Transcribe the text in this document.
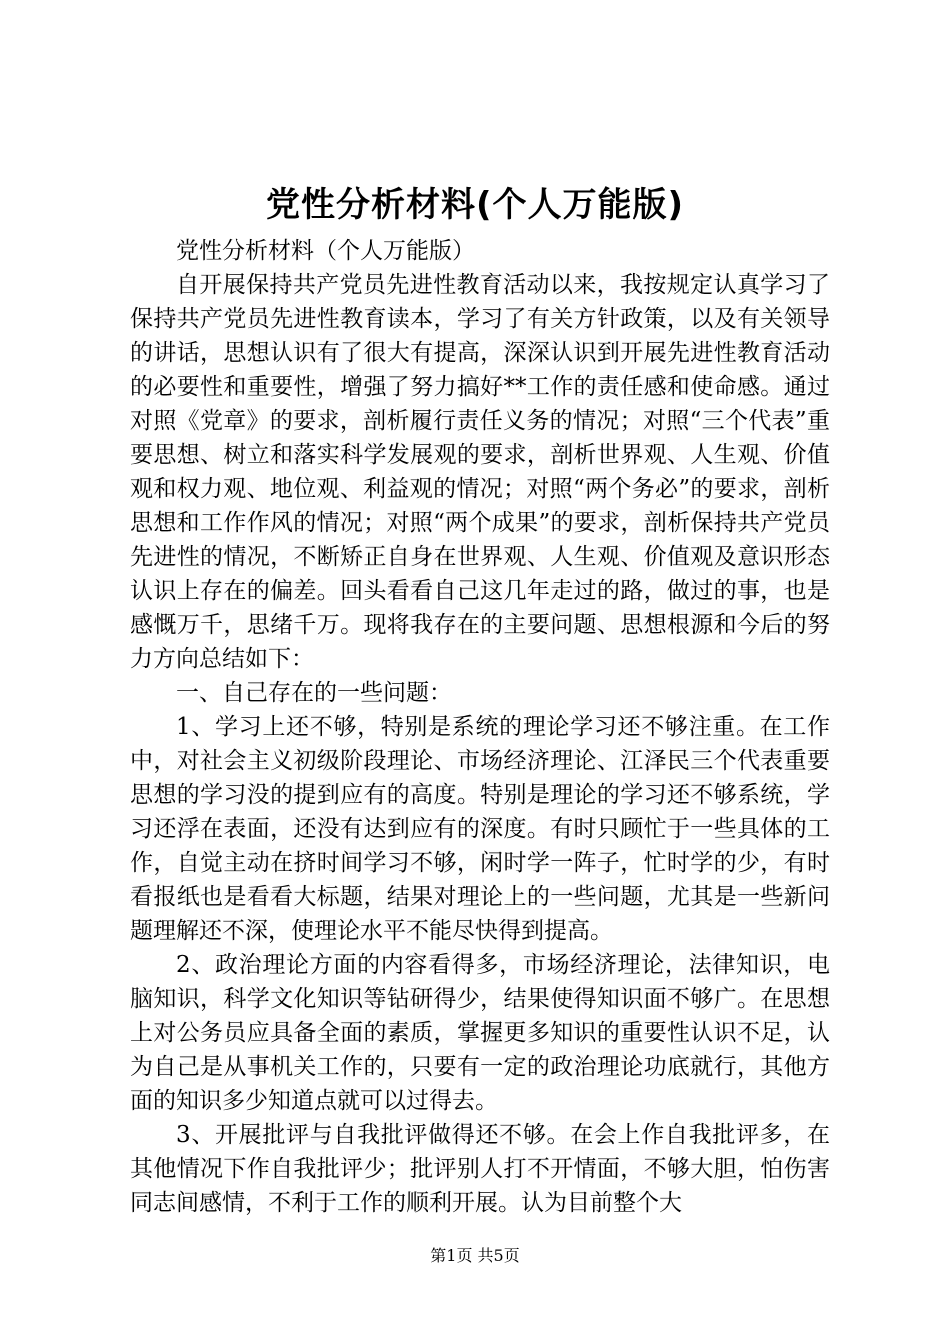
党性分析材料(个人万能版)

党性分析材料（个人万能版）

自开展保持共产党员先进性教育活动以来，我按规定认真学习了保持共产党员先进性教育读本，学习了有关方针政策，以及有关领导的讲话，思想认识有了很大有提高，深深认识到开展先进性教育活动的必要性和重要性，增强了努力搞好**工作的责任感和使命感。通过对照《党章》的要求，剖析履行责任义务的情况；对照“三个代表”重要思想、树立和落实科学发展观的要求，剖析世界观、人生观、价值观和权力观、地位观、利益观的情况；对照“两个务必”的要求，剖析思想和工作作风的情况；对照“两个成果”的要求，剖析保持共产党员先进性的情况，不断矫正自身在世界观、人生观、价值观及意识形态认识上存在的偏差。回头看看自己这几年走过的路，做过的事，也是感慨万千，思绪千万。现将我存在的主要问题、思想根源和今后的努力方向总结如下：

一、自己存在的一些问题：

1、学习上还不够，特别是系统的理论学习还不够注重。在工作中，对社会主义初级阶段理论、市场经济理论、江泽民三个代表重要思想的学习没的提到应有的高度。特别是理论的学习还不够系统，学习还浮在表面，还没有达到应有的深度。有时只顾忙于一些具体的工作，自觉主动在挤时间学习不够，闲时学一阵子，忙时学的少，有时看报纸也是看看大标题，结果对理论上的一些问题，尤其是一些新问题理解还不深，使理论水平不能尽快得到提高。

2、政治理论方面的内容看得多，市场经济理论，法律知识，电脑知识，科学文化知识等钻研得少，结果使得知识面不够广。在思想上对公务员应具备全面的素质，掌握更多知识的重要性认识不足，认为自己是从事机关工作的，只要有一定的政治理论功底就行，其他方面的知识多少知道点就可以过得去。

3、开展批评与自我批评做得还不够。在会上作自我批评多，在其他情况下作自我批评少；批评别人打不开情面，不够大胆，怕伤害同志间感情，不利于工作的顺利开展。认为目前整个大

第1页 共5页
